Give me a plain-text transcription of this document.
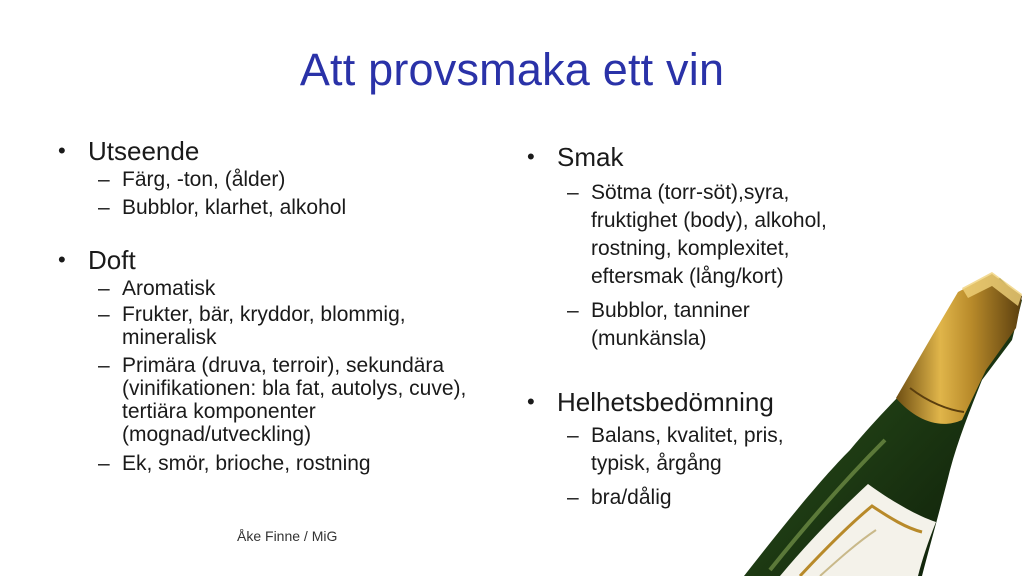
Att provsmaka ett vin
• Utseende
– Färg, -ton, (ålder)
– Bubblor, klarhet, alkohol
• Doft
– Aromatisk
– Frukter, bär, kryddor, blommig, mineralisk
– Primära (druva, terroir), sekundära (vinifikationen: bla fat, autolys, cuve), tertiära komponenter (mognad/utveckling)
– Ek, smör, brioche, rostning
• Smak
– Sötma (torr-söt),syra, fruktighet (body), alkohol, rostning, komplexitet, eftersmak (lång/kort)
– Bubblor, tanniner (munkänsla)
• Helhetsbedömning
– Balans, kvalitet, pris, typisk, årgång
– bra/dålig
Åke Finne / MiG
